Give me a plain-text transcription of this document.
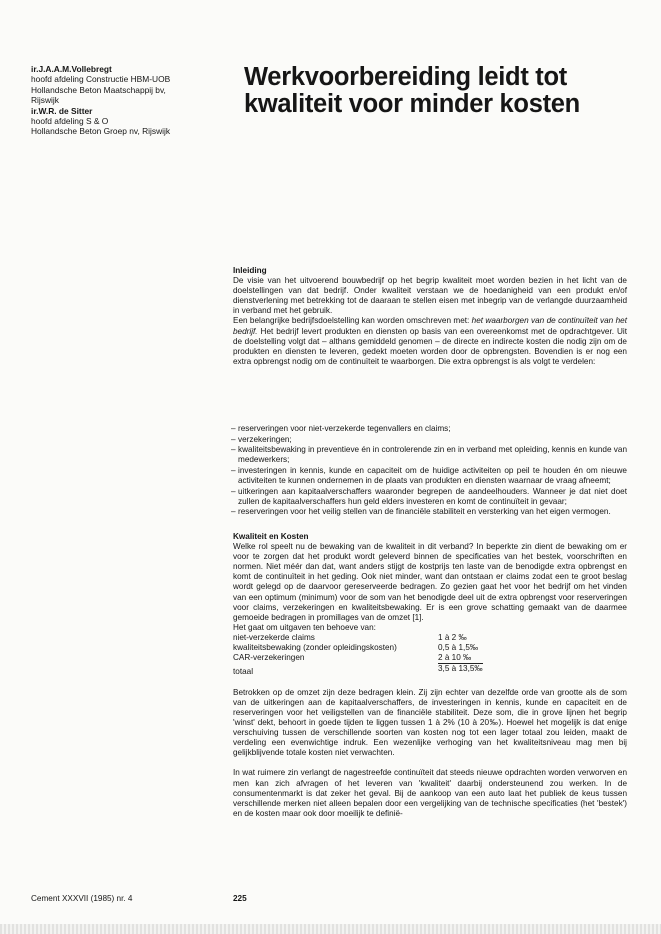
ir.J.A.A.M.Vollebregt
hoofd afdeling Constructie HBM-UOB
Hollandsche Beton Maatschappij bv,
Rijswijk
ir.W.R. de Sitter
hoofd afdeling S & O
Hollandsche Beton Groep nv, Rijswijk
Werkvoorbereiding leidt tot
kwaliteit voor minder kosten

Inleiding

De visie van het uitvoerend bouwbedrijf op het begrip kwaliteit moet worden bezien in het licht van de doelstellingen van dat bedrijf. Onder kwaliteit verstaan we de hoedanigheid van een produkt en/of dienstverlening met betrekking tot de daaraan te stellen eisen met inbegrip van de verlangde duurzaamheid in verband met het gebruik.

Een belangrijke bedrijfsdoelstelling kan worden omschreven met: het waarborgen van de continuïteit van het bedrijf. Het bedrijf levert produkten en diensten op basis van een overeenkomst met de opdrachtgever. Uit de doelstelling volgt dat – althans gemiddeld genomen – de directe en indirecte kosten die nodig zijn om de produkten en diensten te leveren, gedekt moeten worden door de opbrengsten. Bovendien is er nog een extra opbrengst nodig om de continuïteit te waarborgen. Die extra opbrengst is als volgt te verdelen:

– reserveringen voor niet-verzekerde tegenvallers en claims;
– verzekeringen;
– kwaliteitsbewaking in preventieve én in controlerende zin en in verband met opleiding, kennis en kunde van medewerkers;
– investeringen in kennis, kunde en capaciteit om de huidige activiteiten op peil te houden én om nieuwe activiteiten te kunnen ondernemen in de plaats van produkten en diensten waarnaar de vraag afneemt;
– uitkeringen aan kapitaalverschaffers waaronder begrepen de aandeelhouders. Wanneer je dat niet doet zullen de kapitaalverschaffers hun geld elders investeren en komt de continuïteit in gevaar;
– reserveringen voor het veilig stellen van de financiële stabiliteit en versterking van het eigen vermogen.

Kwaliteit en Kosten

Welke rol speelt nu de bewaking van de kwaliteit in dit verband? In beperkte zin dient de bewaking om er voor te zorgen dat het produkt wordt geleverd binnen de specificaties van het bestek, voorschriften en normen. Niet méér dan dat, want anders stijgt de kostprijs ten laste van de benodigde extra opbrengst en komt de continuïteit in het geding. Ook niet minder, want dan ontstaan er claims zodat een te groot beslag wordt gelegd op de daarvoor gereserveerde bedragen. Zo gezien gaat het voor het bedrijf om het vinden van een optimum (minimum) voor de som van het benodigde deel uit de extra opbrengst voor reserveringen voor claims, verzekeringen en kwaliteitsbewaking. Er is een grove schatting gemaakt van de daarmee gemoeide bedragen in promillages van de omzet [1].

Het gaat om uitgaven ten behoeve van:

niet-verzekerde claims	1 à 2 ‰
kwaliteitsbewaking (zonder opleidingskosten)	0,5 à 1,5‰
CAR-verzekeringen	2 à 10 ‰
totaal	3,5 à 13,5‰

Betrokken op de omzet zijn deze bedragen klein. Zij zijn echter van dezelfde orde van grootte als de som van de uitkeringen aan de kapitaalverschaffers, de investeringen in kennis, kunde en capaciteit en de reserveringen voor het veiligstellen van de financiële stabiliteit. Deze som, die in grove lijnen het begrip 'winst' dekt, behoort in goede tijden te liggen tussen 1 à 2% (10 à 20‰). Hoewel het mogelijk is dat enige verschuiving tussen de verschillende soorten van kosten nog tot een lager totaal zou leiden, maakt de verdeling een evenwichtige indruk. Een wezenlijke verhoging van het kwaliteitsniveau mag men bij gelijkblijvende totale kosten niet verwachten.

In wat ruimere zin verlangt de nagestreefde continuïteit dat steeds nieuwe opdrachten worden verworven en men kan zich afvragen of het leveren van 'kwaliteit' daarbij ondersteunend zou werken. In de consumentenmarkt is dat zeker het geval. Bij de aankoop van een auto laat het publiek de keus tussen verschillende merken niet alleen bepalen door een vergelijking van de technische specificaties (het 'bestek') en de kosten maar ook door moeilijk te definië-

Cement XXXVII (1985) nr. 4	225
